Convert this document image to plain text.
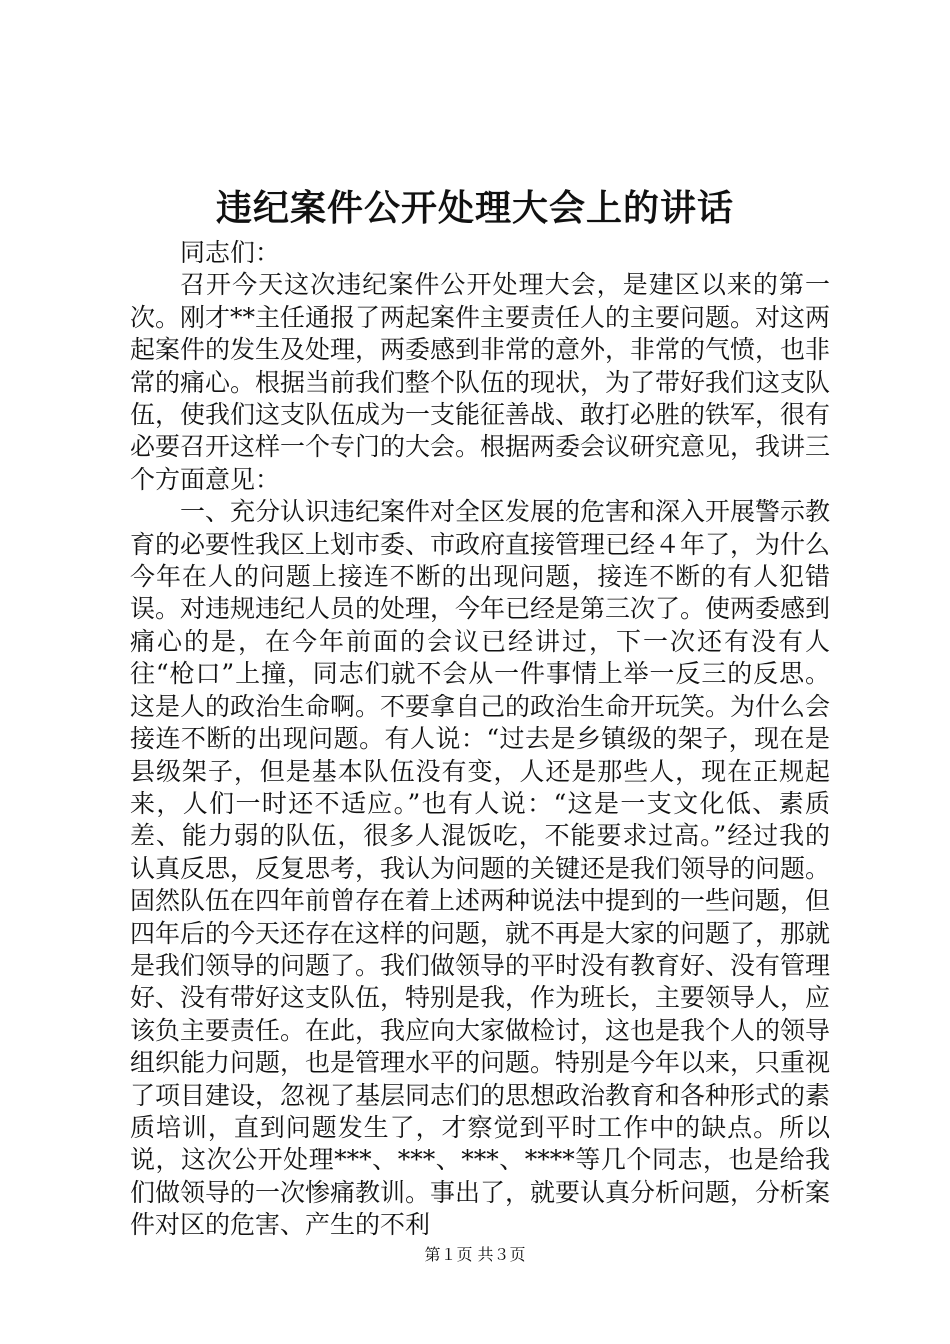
违纪案件公开处理大会上的讲话

同志们：

召开今天这次违纪案件公开处理大会，是建区以来的第一次。刚才**主任通报了两起案件主要责任人的主要问题。对这两起案件的发生及处理，两委感到非常的意外，非常的气愤，也非常的痛心。根据当前我们整个队伍的现状，为了带好我们这支队伍，使我们这支队伍成为一支能征善战、敢打必胜的铁军，很有必要召开这样一个专门的大会。根据两委会议研究意见，我讲三个方面意见：

一、充分认识违纪案件对全区发展的危害和深入开展警示教育的必要性我区上划市委、市政府直接管理已经４年了，为什么今年在人的问题上接连不断的出现问题，接连不断的有人犯错误。对违规违纪人员的处理，今年已经是第三次了。使两委感到痛心的是，在今年前面的会议已经讲过，下一次还有没有人往“枪口”上撞，同志们就不会从一件事情上举一反三的反思。这是人的政治生命啊。不要拿自己的政治生命开玩笑。为什么会接连不断的出现问题。有人说：“过去是乡镇级的架子，现在是县级架子，但是基本队伍没有变，人还是那些人，现在正规起来，人们一时还不适应。”也有人说：“这是一支文化低、素质差、能力弱的队伍，很多人混饭吃，不能要求过高。”经过我的认真反思，反复思考，我认为问题的关键还是我们领导的问题。固然队伍在四年前曾存在着上述两种说法中提到的一些问题，但四年后的今天还存在这样的问题，就不再是大家的问题了，那就是我们领导的问题了。我们做领导的平时没有教育好、没有管理好、没有带好这支队伍，特别是我，作为班长，主要领导人，应该负主要责任。在此，我应向大家做检讨，这也是我个人的领导组织能力问题，也是管理水平的问题。特别是今年以来，只重视了项目建设，忽视了基层同志们的思想政治教育和各种形式的素质培训，直到问题发生了，才察觉到平时工作中的缺点。所以说，这次公开处理***、***、***、****等几个同志，也是给我们做领导的一次惨痛教训。事出了，就要认真分析问题，分析案件对区的危害、产生的不利

第１页 共３页
